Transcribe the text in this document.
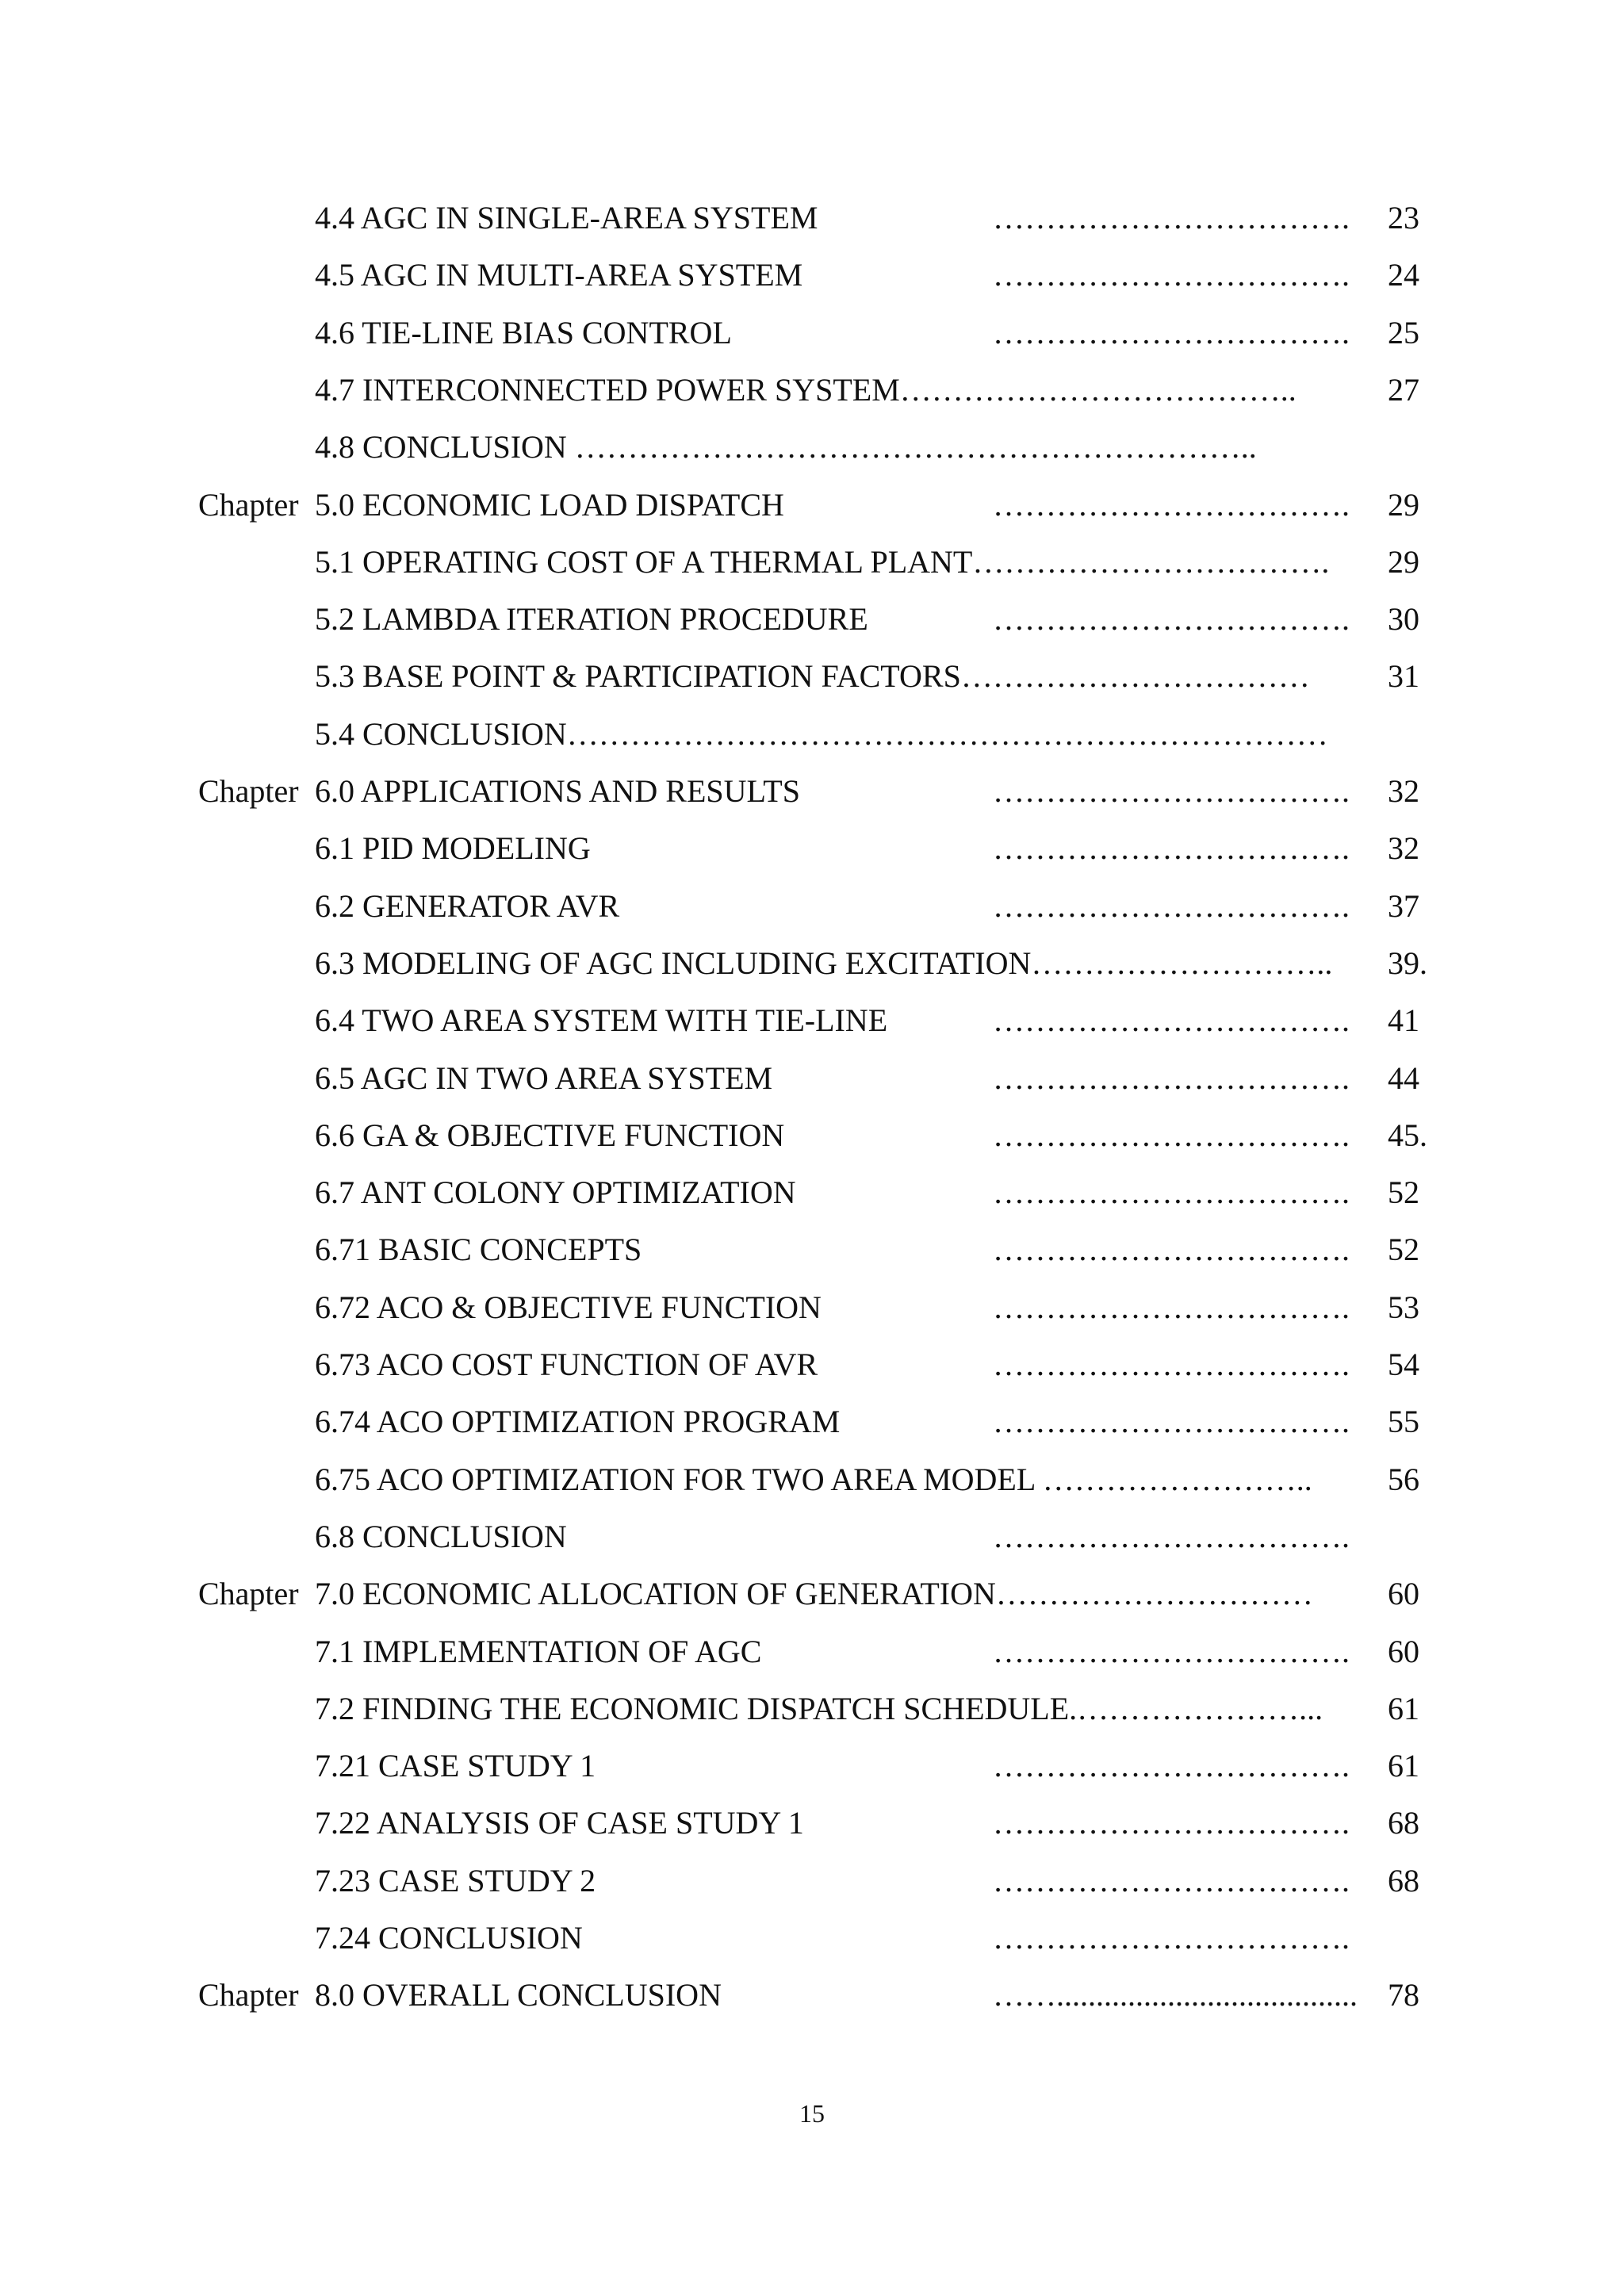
4.4 AGC IN SINGLE-AREA SYSTEM	……………………………. 23
4.5 AGC IN MULTI-AREA SYSTEM	……………………………. 24
4.6 TIE-LINE BIAS CONTROL	……………………………. 25
4.7 INTERCONNECTED POWER SYSTEM………………………………..	27
4.8 CONCLUSION ………………………………………………………..
Chapter 5.0 ECONOMIC LOAD DISPATCH	……………………………. 29
5.1 OPERATING COST OF A THERMAL PLANT……………………………. 29
5.2 LAMBDA ITERATION PROCEDURE	……………………………. 30
5.3 BASE POINT & PARTICIPATION FACTORS…………………………… 31
5.4 CONCLUSION………………………………………………………………
Chapter 6.0 APPLICATIONS AND RESULTS	……………………………. 32
6.1 PID MODELING	……………………………. 32
6.2 GENERATOR AVR	……………………………. 37
6.3 MODELING OF AGC INCLUDING EXCITATION……………………….. 39.
6.4 TWO AREA SYSTEM WITH TIE-LINE	……………………………. 41
6.5 AGC IN TWO AREA SYSTEM	……………………………. 44
6.6 GA & OBJECTIVE FUNCTION	……………………………. 45.
6.7 ANT COLONY OPTIMIZATION	……………………………. 52
6.71 BASIC CONCEPTS	……………………………. 52
6.72 ACO & OBJECTIVE FUNCTION	……………………………. 53
6.73 ACO COST FUNCTION OF AVR	……………………………. 54
6.74 ACO OPTIMIZATION PROGRAM	……………………………. 55
6.75 ACO OPTIMIZATION FOR TWO AREA MODEL …………………….. 56
6.8 CONCLUSION	…………………………….
Chapter 7.0 ECONOMIC ALLOCATION OF GENERATION………………………… 60
7.1 IMPLEMENTATION OF AGC	……………………………. 60
7.2 FINDING THE ECONOMIC DISPATCH SCHEDULE.…………………... 61
7.21 CASE STUDY 1	……………………………. 61
7.22 ANALYSIS OF CASE STUDY 1	……………………………. 68
7.23 CASE STUDY 2	……………………………. 68
7.24 CONCLUSION	…………………………….
Chapter 8.0 OVERALL CONCLUSION	……...................................... 78
15
